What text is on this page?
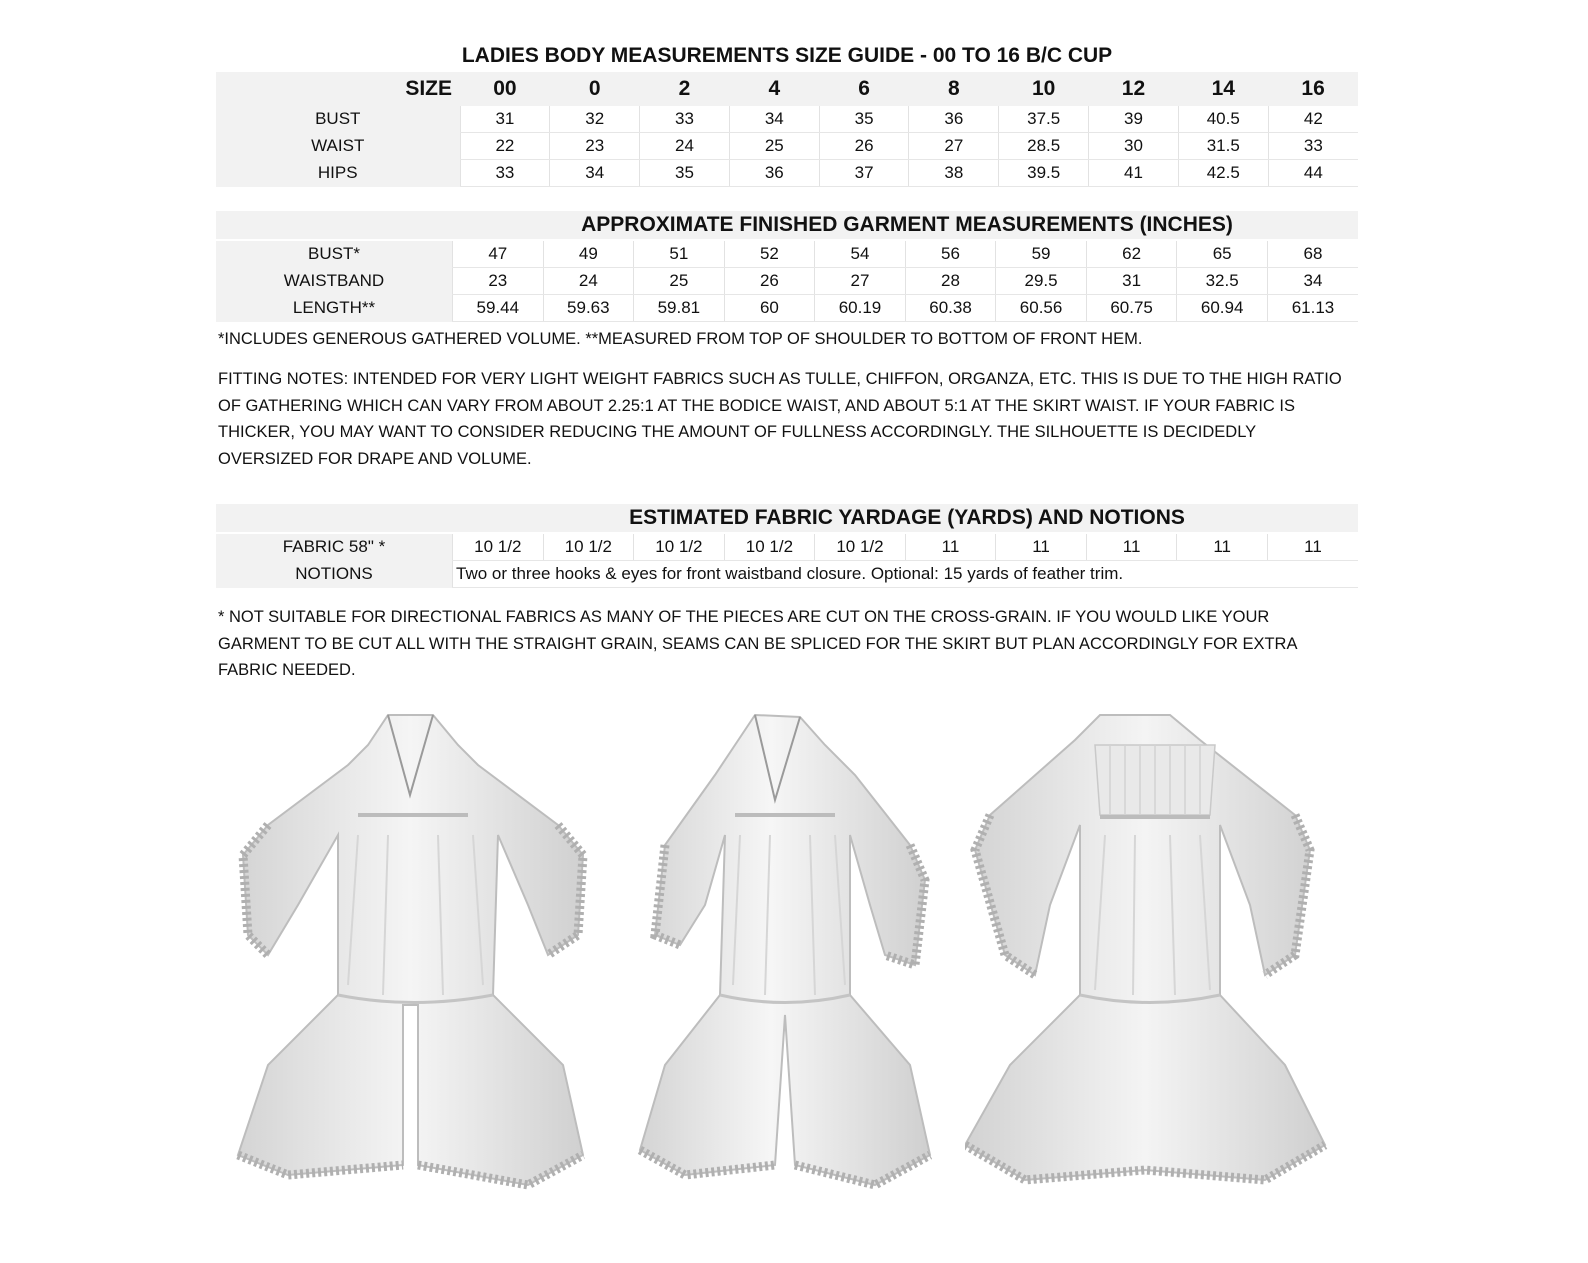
LADIES BODY MEASUREMENTS SIZE GUIDE - 00 TO 16 B/C CUP
SIZE	00	0	2	4	6	8	10	12	14	16
BUST	31	32	33	34	35	36	37.5	39	40.5	42
WAIST	22	23	24	25	26	27	28.5	30	31.5	33
HIPS	33	34	35	36	37	38	39.5	41	42.5	44
APPROXIMATE FINISHED GARMENT MEASUREMENTS (INCHES)
BUST*	47	49	51	52	54	56	59	62	65	68
WAISTBAND	23	24	25	26	27	28	29.5	31	32.5	34
LENGTH**	59.44	59.63	59.81	60	60.19	60.38	60.56	60.75	60.94	61.13
*INCLUDES GENEROUS GATHERED VOLUME. **MEASURED FROM TOP OF SHOULDER TO BOTTOM OF FRONT HEM.
FITTING NOTES: INTENDED FOR VERY LIGHT WEIGHT FABRICS SUCH AS TULLE, CHIFFON, ORGANZA, ETC. THIS IS DUE TO THE HIGH RATIO
OF GATHERING WHICH CAN VARY FROM ABOUT 2.25:1 AT THE BODICE WAIST, AND ABOUT 5:1 AT THE SKIRT WAIST. IF YOUR FABRIC IS
THICKER, YOU MAY WANT TO CONSIDER REDUCING THE AMOUNT OF FULLNESS ACCORDINGLY. THE SILHOUETTE IS DECIDEDLY
OVERSIZED FOR DRAPE AND VOLUME.
ESTIMATED FABRIC YARDAGE (YARDS) AND NOTIONS
FABRIC 58" *	10 1/2	10 1/2	10 1/2	10 1/2	10 1/2	11	11	11	11	11
NOTIONS	Two or three hooks & eyes for front waistband closure. Optional: 15 yards of feather trim.									
* NOT SUITABLE FOR DIRECTIONAL FABRICS AS MANY OF THE PIECES ARE CUT ON THE CROSS-GRAIN. IF YOU WOULD LIKE YOUR
GARMENT TO BE CUT ALL WITH THE STRAIGHT GRAIN, SEAMS CAN BE SPLICED FOR THE SKIRT BUT PLAN ACCORDINGLY FOR EXTRA
FABRIC NEEDED.
